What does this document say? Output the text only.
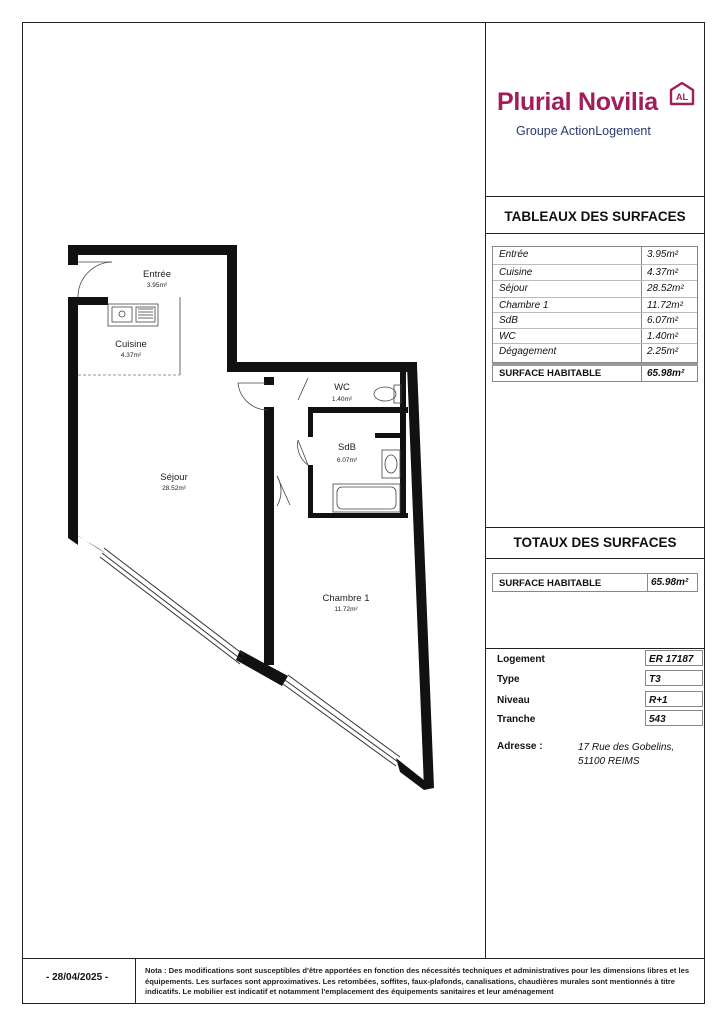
Plurial Novilia AL
Groupe ActionLogement
TABLEAUX DES SURFACES
Entrée	3.95m²
Cuisine	4.37m²
Séjour	28.52m²
Chambre 1	11.72m²
SdB	6.07m²
WC	1.40m²
Dégagement	2.25m²
SURFACE HABITABLE	65.98m²
TOTAUX DES SURFACES
SURFACE HABITABLE	65.98m²
Logement	ER 17187
Type	T3
Niveau	R+1
Tranche	543
Adresse :	17 Rue des Gobelins,
51100 REIMS
- 28/04/2025 -
Nota : Des modifications sont susceptibles d'être apportées en fonction des nécessités techniques et administratives pour les dimensions libres et les équipements. Les surfaces sont approximatives. Les retombées, soffites, faux-plafonds, canalisations, chaudières murales sont mentionnés à titre indicatifs. Le mobilier est indicatif et notamment l'emplacement des équipements sanitaires et leur aménagement
Entrée
3.95m²
Cuisine
4.37m²
WC
1.40m²
SdB
6.07m²
Séjour
28.52m²
Chambre 1
11.72m²
